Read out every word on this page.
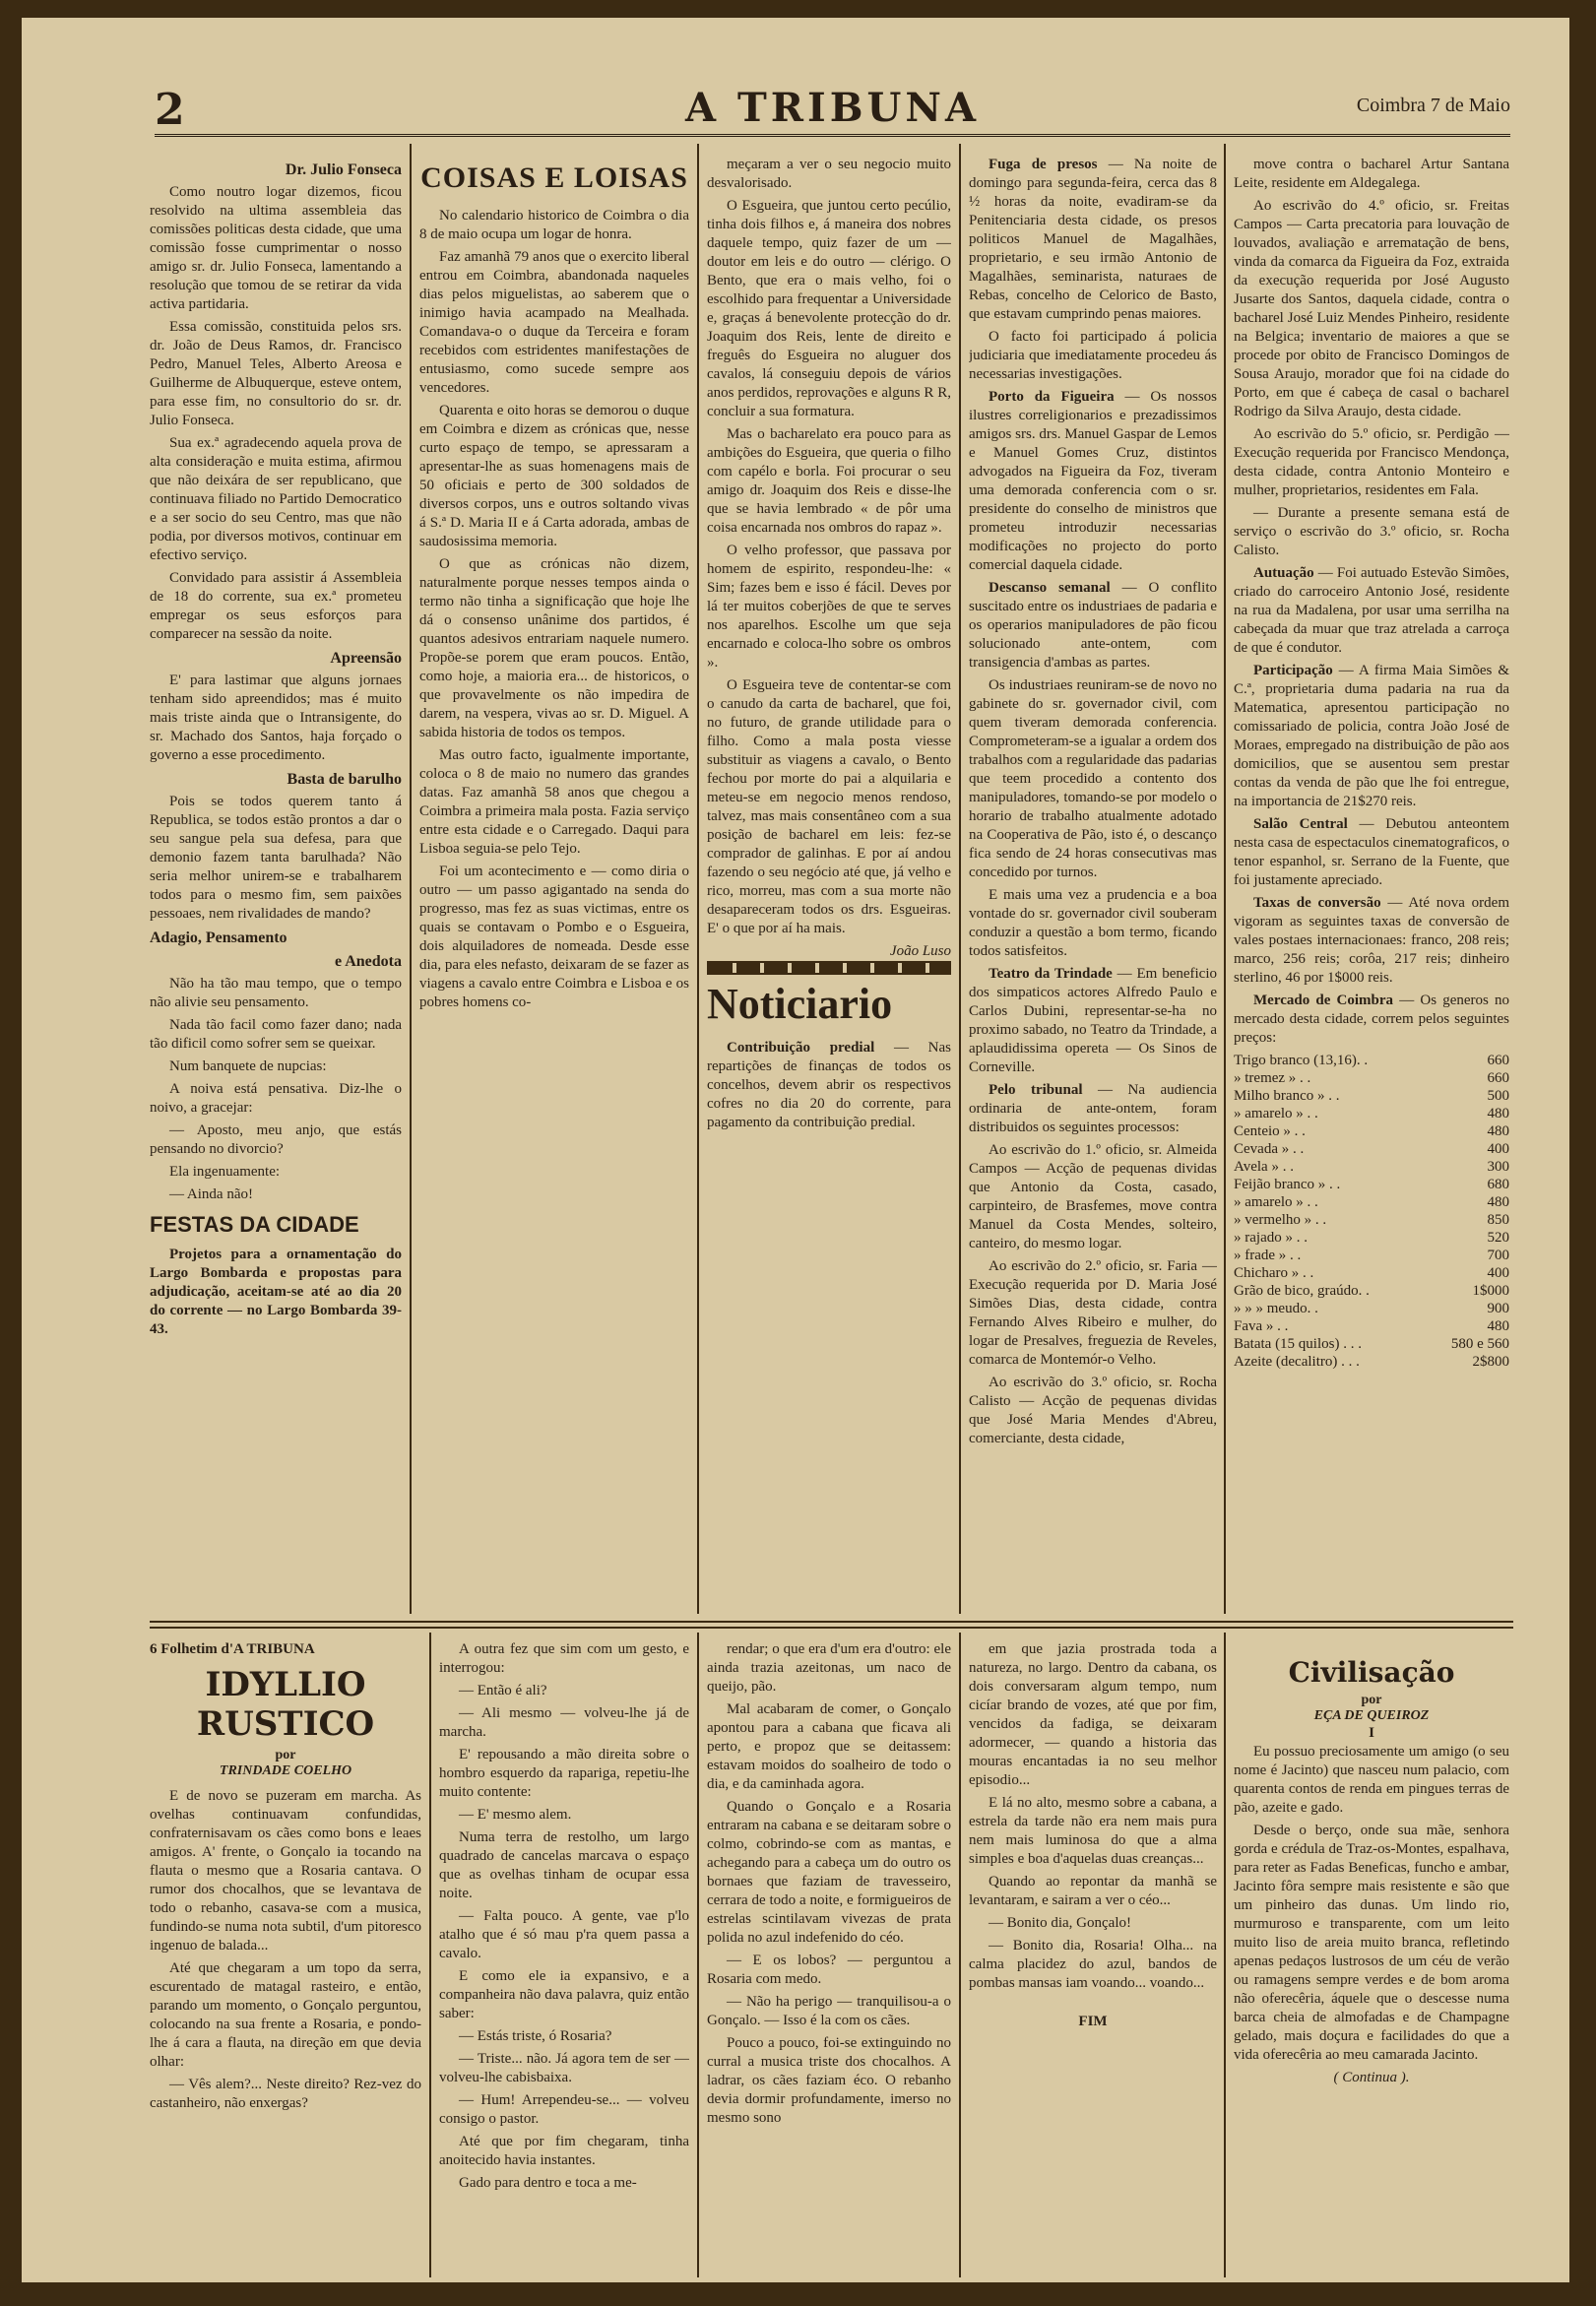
2	A TRIBUNA	Coimbra 7 de Maio
Dr. Julio Fonseca

Como noutro logar dizemos, ficou resolvido na ultima assembleia das comissões politicas desta cidade, que uma comissão fosse cumprimentar o nosso amigo sr. dr. Julio Fonseca, lamentando a resolução que tomou de se retirar da vida activa partidaria.

Essa comissão, constituida pelos srs. dr. João de Deus Ramos, dr. Francisco Pedro, Manuel Teles, Alberto Areosa e Guilherme de Albuquerque, esteve ontem, para esse fim, no consultorio do sr. dr. Julio Fonseca.

Sua ex.ª agradecendo aquela prova de alta consideração e muita estima, afirmou que não deixára de ser republicano, que continuava filiado no Partido Democratico e a ser socio do seu Centro, mas que não podia, por diversos motivos, continuar em efectivo serviço.

Convidado para assistir á Assembleia de 18 do corrente, sua ex.ª prometeu empregar os seus esforços para comparecer na sessão da noite.

Apreensão

E' para lastimar que alguns jornaes tenham sido apreendidos; mas é muito mais triste ainda que o Intransigente, do sr. Machado dos Santos, haja forçado o governo a esse procedimento.

Basta de barulho

Pois se todos querem tanto á Republica, se todos estão prontos a dar o seu sangue pela sua defesa, para que demonio fazem tanta barulhada? Não seria melhor unirem-se e trabalharem todos para o mesmo fim, sem paixões pessoaes, nem rivalidades de mando?

Adagio, Pensamento
e Anedota

Não ha tão mau tempo, que o tempo não alivie seu pensamento.

Nada tão facil como fazer dano; nada tão dificil como sofrer sem se queixar.

Num banquete de nupcias:

A noiva está pensativa. Diz-lhe o noivo, a gracejar:

— Aposto, meu anjo, que estás pensando no divorcio?

Ela ingenuamente:

— Ainda não!

FESTAS DA CIDADE

Projetos para a ornamentação do Largo Bombarda e propostas para adjudicação, aceitam-se até ao dia 20 do corrente — no Largo Bombarda 39-43.

COISAS E LOISAS

No calendario historico de Coimbra o dia 8 de maio ocupa um logar de honra.

Faz amanhã 79 anos que o exercito liberal entrou em Coimbra, abandonada naqueles dias pelos miguelistas, ao saberem que o inimigo havia acampado na Mealhada. Comandava-o o duque da Terceira e foram recebidos com estridentes manifestações de entusiasmo, como sucede sempre aos vencedores.

Quarenta e oito horas se demorou o duque em Coimbra e dizem as crónicas que, nesse curto espaço de tempo, se apressaram a apresentar-lhe as suas homenagens mais de 50 oficiais e perto de 300 soldados de diversos corpos, uns e outros soltando vivas á S.ª D. Maria II e á Carta adorada, ambas de saudosissima memoria.

O que as crónicas não dizem, naturalmente porque nesses tempos ainda o termo não tinha a significação que hoje lhe dá o consenso unânime dos partidos, é quantos adesivos entrariam naquele numero. Propõe-se porem que eram poucos. Então, como hoje, a maioria era... de historicos, o que provavelmente os não impedira de darem, na vespera, vivas ao sr. D. Miguel. A sabida historia de todos os tempos.

Mas outro facto, igualmente importante, coloca o 8 de maio no numero das grandes datas. Faz amanhã 58 anos que chegou a Coimbra a primeira mala posta. Fazia serviço entre esta cidade e o Carregado. Daqui para Lisboa seguia-se pelo Tejo.

Foi um acontecimento e — como diria o outro — um passo agigantado na senda do progresso, mas fez as suas victimas, entre os quais se contavam o Pombo e o Esgueira, dois alquiladores de nomeada. Desde esse dia, para eles nefasto, deixaram de se fazer as viagens a cavalo entre Coimbra e Lisboa e os pobres homens co-

meçaram a ver o seu negocio muito desvalorisado.

O Esgueira, que juntou certo pecúlio, tinha dois filhos e, á maneira dos nobres daquele tempo, quiz fazer de um — doutor em leis e do outro — clérigo. O Bento, que era o mais velho, foi o escolhido para frequentar a Universidade e, graças á benevolente protecção do dr. Joaquim dos Reis, lente de direito e freguês do Esgueira no aluguer dos cavalos, lá conseguiu depois de vários anos perdidos, reprovações e alguns R R, concluir a sua formatura.

Mas o bacharelato era pouco para as ambições do Esgueira, que queria o filho com capélo e borla. Foi procurar o seu amigo dr. Joaquim dos Reis e disse-lhe que se havia lembrado « de pôr uma coisa encarnada nos ombros do rapaz ».

O velho professor, que passava por homem de espirito, respondeu-lhe: « Sim; fazes bem e isso é fácil. Deves por lá ter muitos coberjões de que te serves nos aparelhos. Escolhe um que seja encarnado e coloca-lho sobre os ombros ».

O Esgueira teve de contentar-se com o canudo da carta de bacharel, que foi, no futuro, de grande utilidade para o filho. Como a mala posta viesse substituir as viagens a cavalo, o Bento fechou por morte do pai a alquilaria e meteu-se em negocio menos rendoso, talvez, mas mais consentâneo com a sua posição de bacharel em leis: fez-se comprador de galinhas. E por aí andou fazendo o seu negócio até que, já velho e rico, morreu, mas com a sua morte não desapareceram todos os drs. Esgueiras. E' o que por aí ha mais.

João Luso
Noticiario

Contribuição predial — Nas repartições de finanças de todos os concelhos, devem abrir os respectivos cofres no dia 20 do corrente, para pagamento da contribuição predial.

Fuga de presos — Na noite de domingo para segunda-feira, cerca das 8 ½ horas da noite, evadiram-se da Penitenciaria desta cidade, os presos politicos Manuel de Magalhães, proprietario, e seu irmão Antonio de Magalhães, seminarista, naturaes de Rebas, concelho de Celorico de Basto, que estavam cumprindo penas maiores.

O facto foi participado á policia judiciaria que imediatamente procedeu ás necessarias investigações.

Porto da Figueira — Os nossos ilustres correligionarios e prezadissimos amigos srs. drs. Manuel Gaspar de Lemos e Manuel Gomes Cruz, distintos advogados na Figueira da Foz, tiveram uma demorada conferencia com o sr. presidente do conselho de ministros que prometeu introduzir necessarias modificações no projecto do porto comercial daquela cidade.

Descanso semanal — O conflito suscitado entre os industriaes de padaria e os operarios manipuladores de pão ficou solucionado ante-ontem, com transigencia d'ambas as partes.

Os industriaes reuniram-se de novo no gabinete do sr. governador civil, com quem tiveram demorada conferencia. Comprometeram-se a igualar a ordem dos trabalhos com a regularidade das padarias que teem procedido a contento dos manipuladores, tomando-se por modelo o horario de trabalho atualmente adotado na Cooperativa de Pão, isto é, o descanço fica sendo de 24 horas consecutivas mas concedido por turnos.

E mais uma vez a prudencia e a boa vontade do sr. governador civil souberam conduzir a questão a bom termo, ficando todos satisfeitos.

Teatro da Trindade — Em beneficio dos simpaticos actores Alfredo Paulo e Carlos Dubini, representar-se-ha no proximo sabado, no Teatro da Trindade, a aplaudidissima opereta — Os Sinos de Corneville.

Pelo tribunal — Na audiencia ordinaria de ante-ontem, foram distribuidos os seguintes processos:

Ao escrivão do 1.º oficio, sr. Almeida Campos — Acção de pequenas dividas que Antonio da Costa, casado, carpinteiro, de Brasfemes, move contra Manuel da Costa Mendes, solteiro, canteiro, do mesmo logar.

Ao escrivão do 2.º oficio, sr. Faria — Execução requerida por D. Maria José Simões Dias, desta cidade, contra Fernando Alves Ribeiro e mulher, do logar de Presalves, freguezia de Reveles, comarca de Montemór-o Velho.

Ao escrivão do 3.º oficio, sr. Rocha Calisto — Acção de pequenas dividas que José Maria Mendes d'Abreu, comerciante, desta cidade,

move contra o bacharel Artur Santana Leite, residente em Aldegalega.

Ao escrivão do 4.º oficio, sr. Freitas Campos — Carta precatoria para louvação de louvados, avaliação e arrematação de bens, vinda da comarca da Figueira da Foz, extraida da execução requerida por José Augusto Jusarte dos Santos, daquela cidade, contra o bacharel José Luiz Mendes Pinheiro, residente na Belgica; inventario de maiores a que se procede por obito de Francisco Domingos de Sousa Araujo, morador que foi na cidade do Porto, em que é cabeça de casal o bacharel Rodrigo da Silva Araujo, desta cidade.

Ao escrivão do 5.º oficio, sr. Perdigão — Execução requerida por Francisco Mendonça, desta cidade, contra Antonio Monteiro e mulher, proprietarios, residentes em Fala.

— Durante a presente semana está de serviço o escrivão do 3.º oficio, sr. Rocha Calisto.

Autuação — Foi autuado Estevão Simões, criado do carroceiro Antonio José, residente na rua da Madalena, por usar uma serrilha na cabeçada da muar que traz atrelada a carroça de que é condutor.

Participação — A firma Maia Simões & C.ª, proprietaria duma padaria na rua da Matematica, apresentou participação no comissariado de policia, contra João José de Moraes, empregado na distribuição de pão aos domicilios, que se ausentou sem prestar contas da venda de pão que lhe foi entregue, na importancia de 21$270 reis.

Salão Central — Debutou anteontem nesta casa de espectaculos cinematograficos, o tenor espanhol, sr. Serrano de la Fuente, que foi justamente apreciado.

Taxas de conversão — Até nova ordem vigoram as seguintes taxas de conversão de vales postaes internacionaes: franco, 208 reis; marco, 256 reis; corôa, 217 reis; dinheiro sterlino, 46 por 1$000 reis.

Mercado de Coimbra — Os generos no mercado desta cidade, correm pelos seguintes preços:

Trigo branco (13,16). .	660
» tremez » . .	660
Milho branco » . .	500
» amarelo » . .	480
Centeio » . .	480
Cevada » . .	400
Avela » . .	300
Feijão branco » . .	680
» amarelo » . .	480
» vermelho » . .	850
» rajado » . .	520
» frade » . .	700
Chicharo » . .	400
Grão de bico, graúdo. .	1$000
» » » meudo. .	900
Fava » . .	480
Batata (15 quilos) . . .	580 e 560
Azeite (decalitro) . . .	2$800
6 Folhetim d'A TRIBUNA
IDYLLIO RUSTICO
por
TRINDADE COELHO

E de novo se puzeram em marcha. As ovelhas continuavam confundidas, confraternisavam os cães como bons e leaes amigos. A' frente, o Gonçalo ia tocando na flauta o mesmo que a Rosaria cantava. O rumor dos chocalhos, que se levantava de todo o rebanho, casava-se com a musica, fundindo-se numa nota subtil, d'um pitoresco ingenuo de balada...

Até que chegaram a um topo da serra, escurentado de matagal rasteiro, e então, parando um momento, o Gonçalo perguntou, colocando na sua frente a Rosaria, e pondo-lhe á cara a flauta, na direção em que devia olhar:

— Vês alem?... Neste direito? Rez-vez do castanheiro, não enxergas?

A outra fez que sim com um gesto, e interrogou:

— Então é ali?

— Ali mesmo — volveu-lhe já de marcha.

E' repousando a mão direita sobre o hombro esquerdo da rapariga, repetiu-lhe muito contente:

— E' mesmo alem.

Numa terra de restolho, um largo quadrado de cancelas marcava o espaço que as ovelhas tinham de ocupar essa noite.

— Falta pouco. A gente, vae p'lo atalho que é só mau p'ra quem passa a cavalo.

E como ele ia expansivo, e a companheira não dava palavra, quiz então saber:

— Estás triste, ó Rosaria?

— Triste... não. Já agora tem de ser — volveu-lhe cabisbaixa.

— Hum! Arrependeu-se... — volveu consigo o pastor.

Até que por fim chegaram, tinha anoitecido havia instantes.

Gado para dentro e toca a me-

rendar; o que era d'um era d'outro: ele ainda trazia azeitonas, um naco de queijo, pão.

Mal acabaram de comer, o Gonçalo apontou para a cabana que ficava ali perto, e propoz que se deitassem: estavam moidos do soalheiro de todo o dia, e da caminhada agora.

Quando o Gonçalo e a Rosaria entraram na cabana e se deitaram sobre o colmo, cobrindo-se com as mantas, e achegando para a cabeça um do outro os bornaes que faziam de travesseiro, cerrara de todo a noite, e formigueiros de estrelas scintilavam vivezas de prata polida no azul indefenido do céo.

— E os lobos? — perguntou a Rosaria com medo.

— Não ha perigo — tranquilisou-a o Gonçalo. — Isso é la com os cães.

Pouco a pouco, foi-se extinguindo no curral a musica triste dos chocalhos. A ladrar, os cães faziam éco. O rebanho devia dormir profundamente, imerso no mesmo sono

em que jazia prostrada toda a natureza, no largo. Dentro da cabana, os dois conversaram algum tempo, num cicíar brando de vozes, até que por fim, vencidos da fadiga, se deixaram adormecer, — quando a historia das mouras encantadas ia no seu melhor episodio...

E lá no alto, mesmo sobre a cabana, a estrela da tarde não era nem mais pura nem mais luminosa do que a alma simples e boa d'aquelas duas creanças...

Quando ao repontar da manhã se levantaram, e sairam a ver o céo...

— Bonito dia, Gonçalo!

— Bonito dia, Rosaria! Olha... na calma placidez do azul, bandos de pombas mansas iam voando... voando...

FIM
Civilisação
por
EÇA DE QUEIROZ
I

Eu possuo preciosamente um amigo (o seu nome é Jacinto) que nasceu num palacio, com quarenta contos de renda em pingues terras de pão, azeite e gado.

Desde o berço, onde sua mãe, senhora gorda e crédula de Traz-os-Montes, espalhava, para reter as Fadas Beneficas, funcho e ambar, Jacinto fôra sempre mais resistente e são que um pinheiro das dunas. Um lindo rio, murmuroso e transparente, com um leito muito liso de areia muito branca, refletindo apenas pedaços lustrosos de um céu de verão ou ramagens sempre verdes e de bom aroma não oferecêria, áquele que o descesse numa barca cheia de almofadas e de Champagne gelado, mais doçura e facilidades do que a vida oferecêria ao meu camarada Jacinto.

( Continua ).
